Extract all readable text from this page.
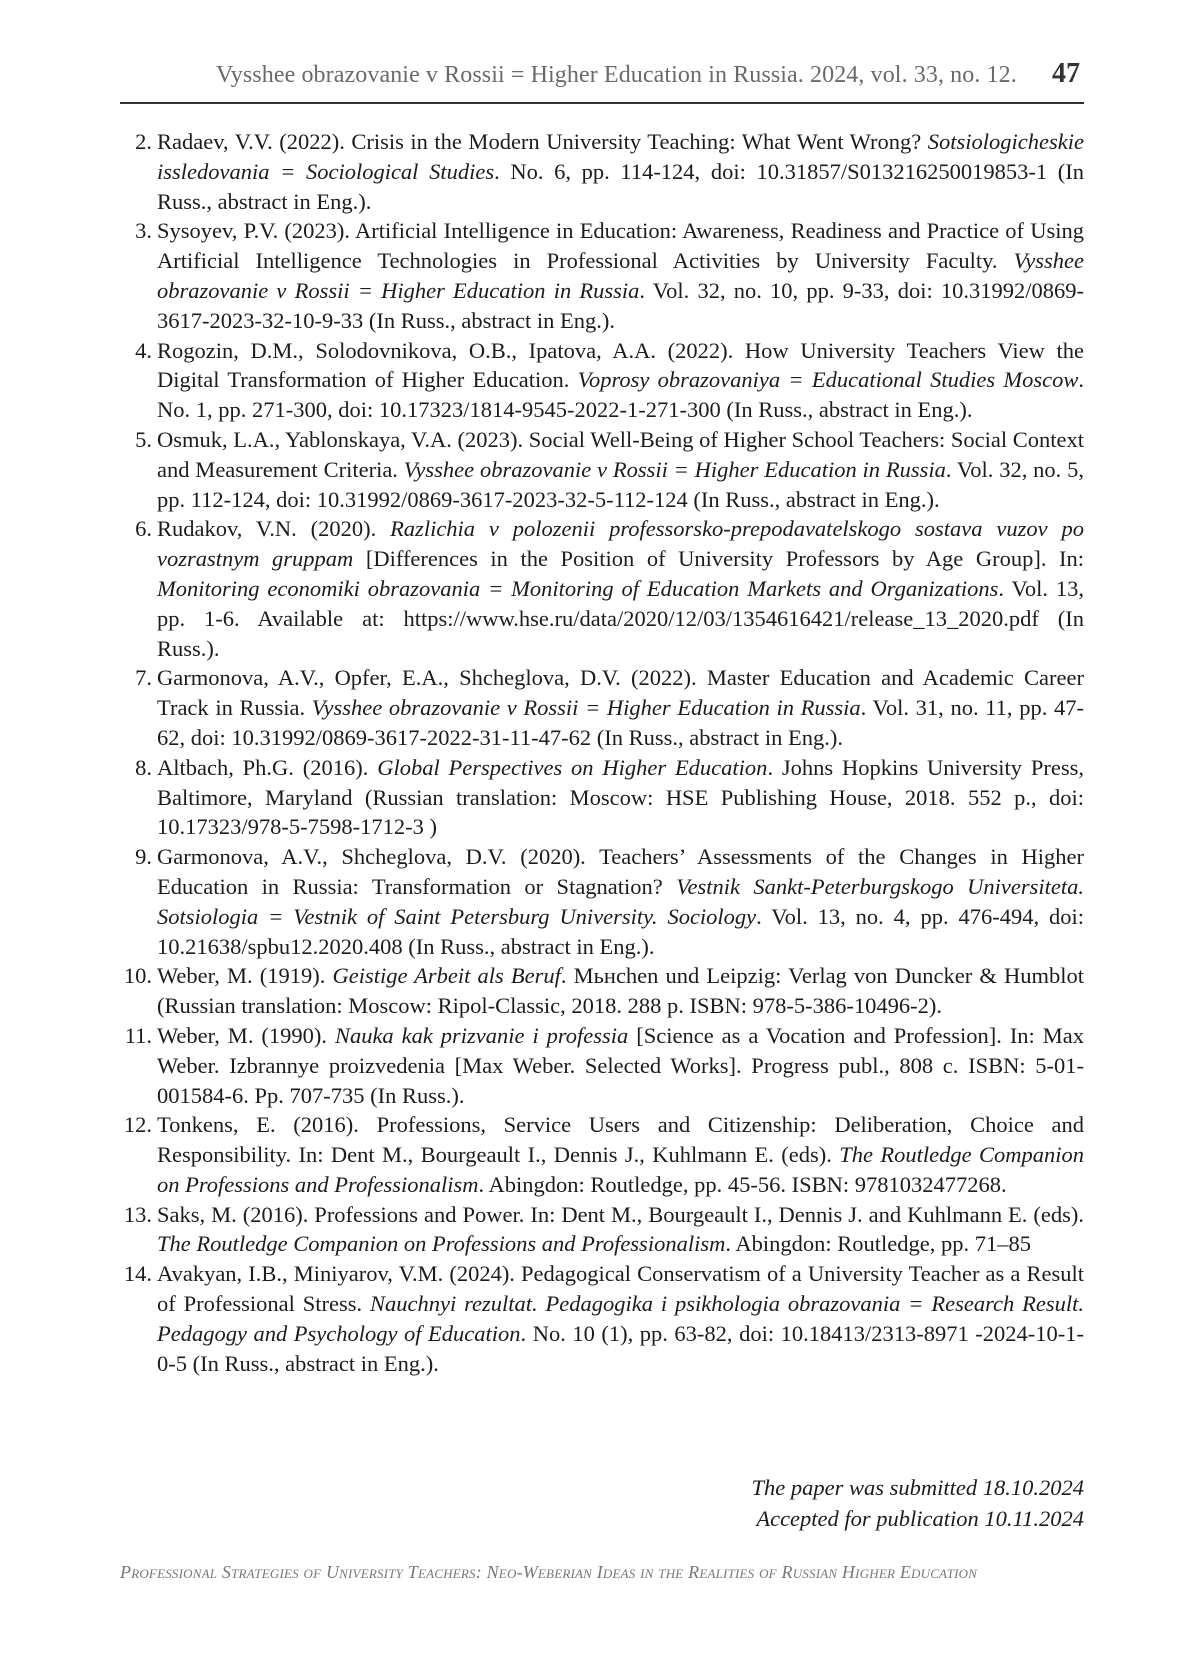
Vysshee obrazovanie v Rossii = Higher Education in Russia. 2024, vol. 33, no. 12. 47
2. Radaev, V.V. (2022). Crisis in the Modern University Teaching: What Went Wrong? Sotsiologicheskie issledovania = Sociological Studies. No. 6, pp. 114-124, doi: 10.31857/S013216250019853-1 (In Russ., abstract in Eng.).
3. Sysoyev, P.V. (2023). Artificial Intelligence in Education: Awareness, Readiness and Practice of Using Artificial Intelligence Technologies in Professional Activities by University Faculty. Vysshee obrazovanie v Rossii = Higher Education in Russia. Vol. 32, no. 10, pp. 9-33, doi: 10.31992/0869-3617-2023-32-10-9-33 (In Russ., abstract in Eng.).
4. Rogozin, D.M., Solodovnikova, O.B., Ipatova, A.A. (2022). How University Teachers View the Digital Transformation of Higher Education. Voprosy obrazovaniya = Educational Studies Moscow. No. 1, pp. 271-300, doi: 10.17323/1814-9545-2022-1-271-300 (In Russ., abstract in Eng.).
5. Osmuk, L.A., Yablonskaya, V.A. (2023). Social Well-Being of Higher School Teachers: Social Context and Measurement Criteria. Vysshee obrazovanie v Rossii = Higher Education in Russia. Vol. 32, no. 5, pp. 112-124, doi: 10.31992/0869-3617-2023-32-5-112-124 (In Russ., abstract in Eng.).
6. Rudakov, V.N. (2020). Razlichia v polozenii professorsko-prepodavatelskogo sostava vuzov po vozrastnym gruppam [Differences in the Position of University Professors by Age Group]. In: Monitoring economiki obrazovania = Monitoring of Education Markets and Organizations. Vol. 13, pp. 1-6. Available at: https://www.hse.ru/data/2020/12/03/1354616421/release_13_2020.pdf (In Russ.).
7. Garmonova, A.V., Opfer, E.A., Shcheglova, D.V. (2022). Master Education and Academic Career Track in Russia. Vysshee obrazovanie v Rossii = Higher Education in Russia. Vol. 31, no. 11, pp. 47-62, doi: 10.31992/0869-3617-2022-31-11-47-62 (In Russ., abstract in Eng.).
8. Altbach, Ph.G. (2016). Global Perspectives on Higher Education. Johns Hopkins University Press, Baltimore, Maryland (Russian translation: Moscow: HSE Publishing House, 2018. 552 p., doi: 10.17323/978-5-7598-1712-3 )
9. Garmonova, A.V., Shcheglova, D.V. (2020). Teachers’ Assessments of the Changes in Higher Education in Russia: Transformation or Stagnation? Vestnik Sankt-Peterburgskogo Universiteta. Sotsiologia = Vestnik of Saint Petersburg University. Sociology. Vol. 13, no. 4, pp. 476-494, doi: 10.21638/spbu12.2020.408 (In Russ., abstract in Eng.).
10. Weber, M. (1919). Geistige Arbeit als Beruf. Mьнchen und Leipzig: Verlag von Duncker & Humblot (Russian translation: Moscow: Ripol-Classic, 2018. 288 p. ISBN: 978-5-386-10496-2).
11. Weber, M. (1990). Nauka kak prizvanie i professia [Science as a Vocation and Profession]. In: Max Weber. Izbrannye proizvedenia [Max Weber. Selected Works]. Progress publ., 808 c. ISBN: 5-01-001584-6. Pp. 707-735 (In Russ.).
12. Tonkens, E. (2016). Professions, Service Users and Citizenship: Deliberation, Choice and Responsibility. In: Dent M., Bourgeault I., Dennis J., Kuhlmann E. (eds). The Routledge Companion on Professions and Professionalism. Abingdon: Routledge, pp. 45-56. ISBN: 9781032477268.
13. Saks, M. (2016). Professions and Power. In: Dent M., Bourgeault I., Dennis J. and Kuhlmann E. (eds). The Routledge Companion on Professions and Professionalism. Abingdon: Routledge, pp. 71–85
14. Avakyan, I.B., Miniyarov, V.M. (2024). Pedagogical Conservatism of a University Teacher as a Result of Professional Stress. Nauchnyi rezultat. Pedagogika i psikhologia obrazovania = Research Result. Pedagogy and Psychology of Education. No. 10 (1), pp. 63-82, doi: 10.18413/2313-8971 -2024-10-1-0-5 (In Russ., abstract in Eng.).
The paper was submitted 18.10.2024
Accepted for publication 10.11.2024
Professional Strategies of University Teachers: Neo-Weberian Ideas in the Realities of Russian Higher Education
